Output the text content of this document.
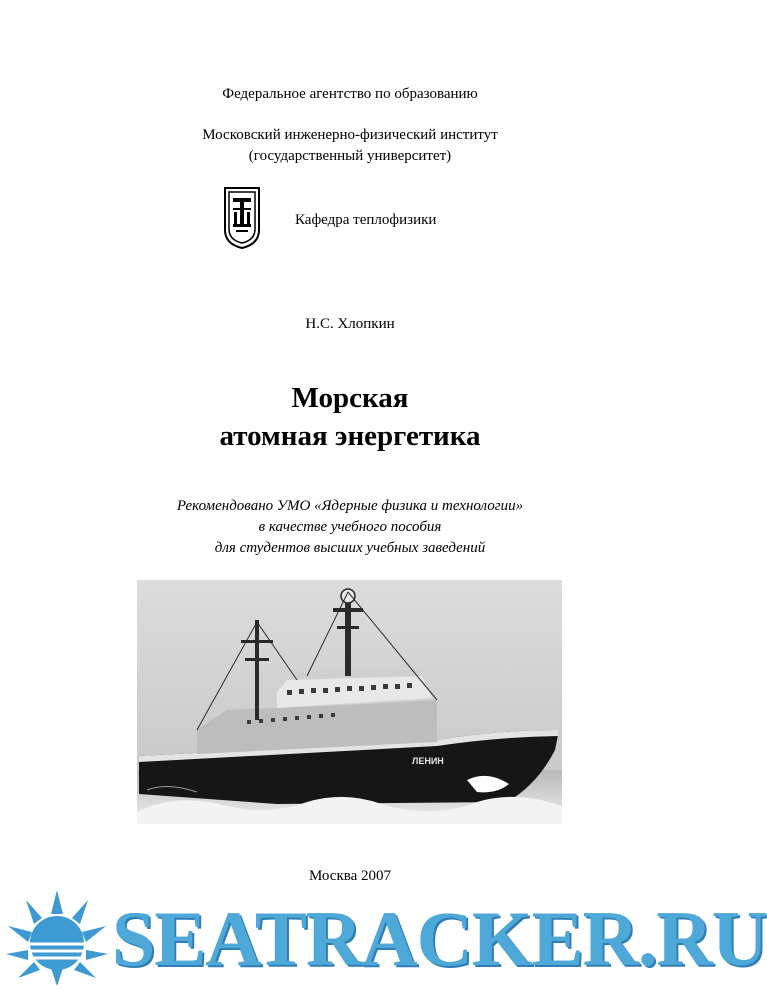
Федеральное агентство по образованию
Московский инженерно-физический институт
(государственный университет)
Кафедра теплофизики
Н.С. Хлопкин
Морская
атомная энергетика
Рекомендовано УМО «Ядерные физика и технологии»
в качестве учебного пособия
для студентов высших учебных заведений
ЛЕНИН
Москва 2007
SEATRACKER.RU
